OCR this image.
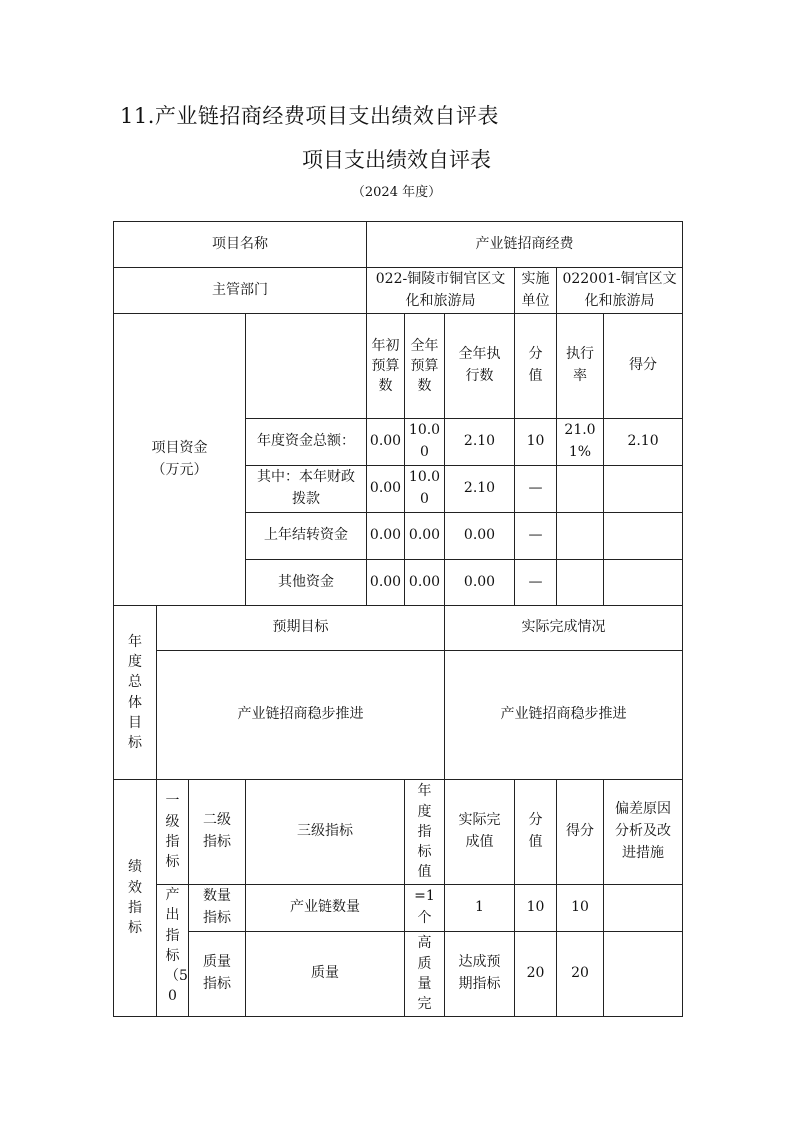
11.产业链招商经费项目支出绩效自评表
项目支出绩效自评表
（2024 年度）
项目名称				产业链招商经费					
主管部门				022-铜陵市铜官区文化和旅游局			实施单位	022001-铜官区文化和旅游局	
项目资金（万元）				年初预算数	全年预算数	全年执行数	分值	执行率	得分
			年度资金总额：	0.00	10.00	2.10	10	21.01%	2.10
			其中：本年财政拨款	0.00	10.00	2.10	—		
			上年结转资金	0.00	0.00	0.00	—		
			其他资金	0.00	0.00	0.00	—		
年度总体目标	预期目标					实际完成情况			
	产业链招商稳步推进					产业链招商稳步推进			
绩效指标	一级指标	二级指标	三级指标		年度指标值	实际完成值	分值	得分	偏差原因分析及改进措施
	产出指标（50	数量指标	产业链数量		=1个	1	10	10	
		质量指标	质量		高质量完	达成预期指标	20	20	
